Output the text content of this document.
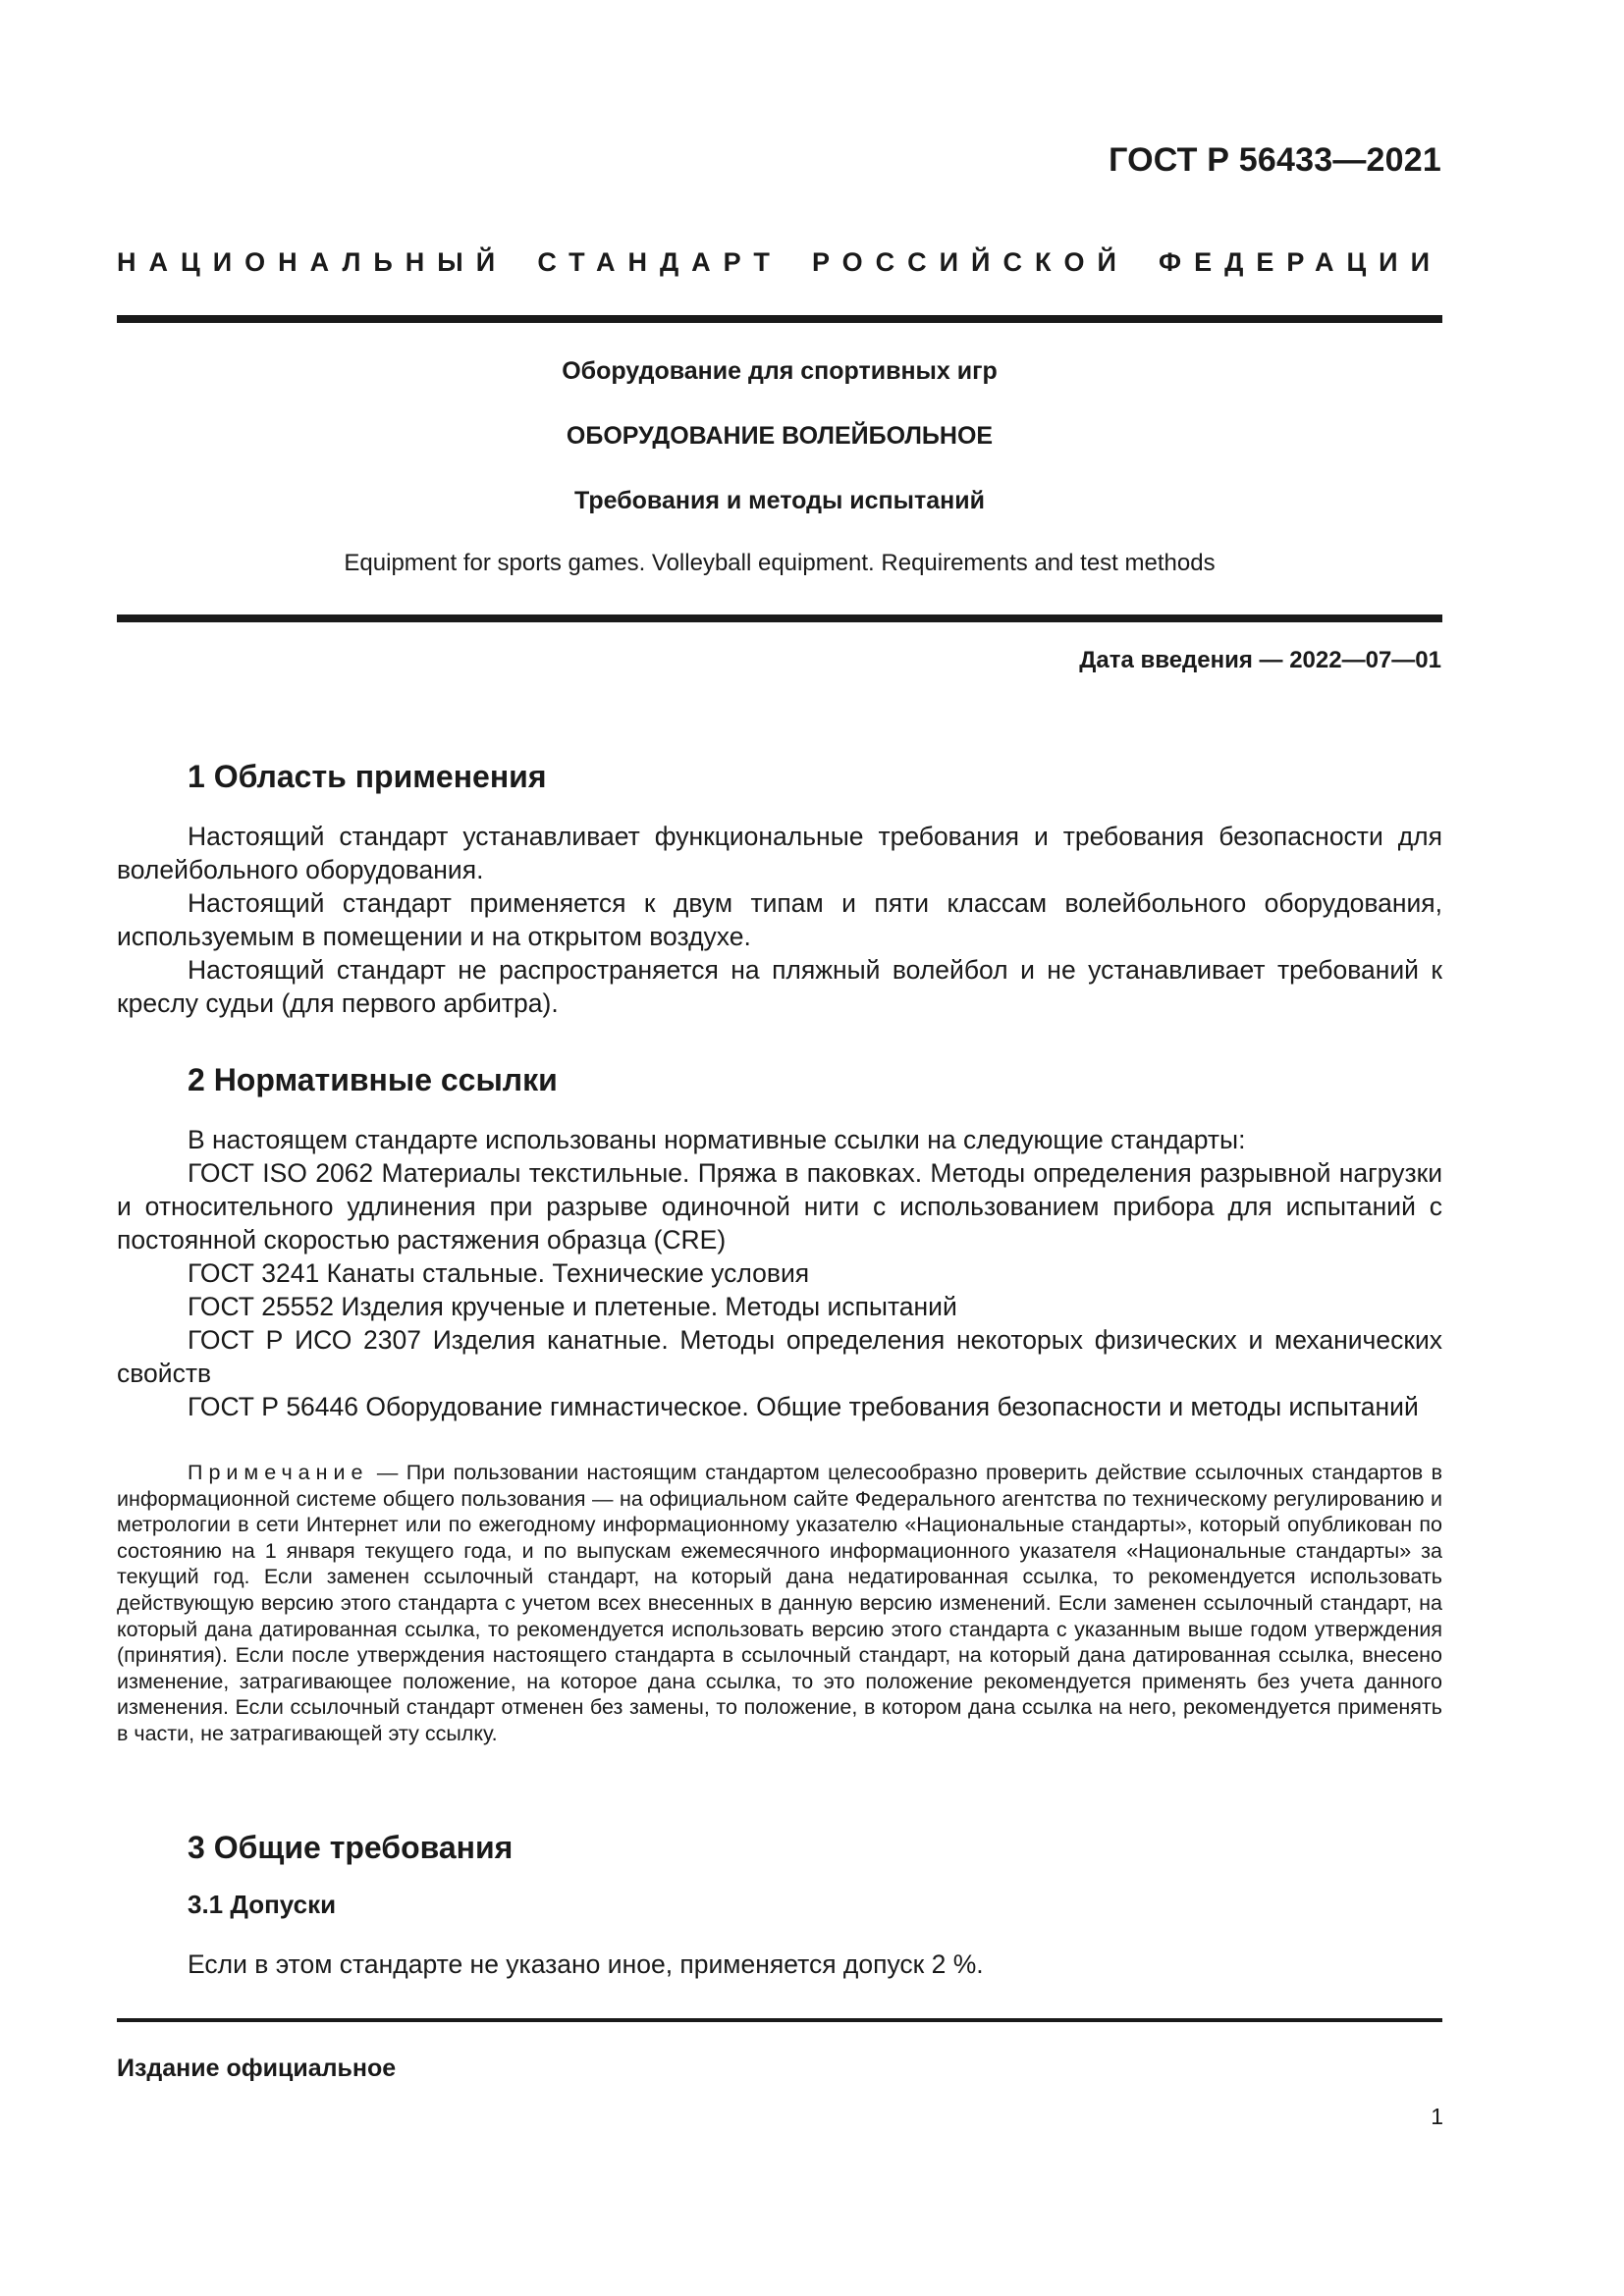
ГОСТ Р 56433—2021
НАЦИОНАЛЬНЫЙ СТАНДАРТ РОССИЙСКОЙ ФЕДЕРАЦИИ
Оборудование для спортивных игр
ОБОРУДОВАНИЕ ВОЛЕЙБОЛЬНОЕ
Требования и методы испытаний
Equipment for sports games. Volleyball equipment. Requirements and test methods
Дата введения — 2022—07—01
1 Область применения

Настоящий стандарт устанавливает функциональные требования и требования безопасности для волейбольного оборудования.

Настоящий стандарт применяется к двум типам и пяти классам волейбольного оборудования, используемым в помещении и на открытом воздухе.

Настоящий стандарт не распространяется на пляжный волейбол и не устанавливает требований к креслу судьи (для первого арбитра).

2 Нормативные ссылки

В настоящем стандарте использованы нормативные ссылки на следующие стандарты:

ГОСТ ISO 2062 Материалы текстильные. Пряжа в паковках. Методы определения разрывной нагрузки и относительного удлинения при разрыве одиночной нити с использованием прибора для испытаний с постоянной скоростью растяжения образца (CRE)

ГОСТ 3241 Канаты стальные. Технические условия

ГОСТ 25552 Изделия крученые и плетеные. Методы испытаний

ГОСТ Р ИСО 2307 Изделия канатные. Методы определения некоторых физических и механических свойств

ГОСТ Р 56446 Оборудование гимнастическое. Общие требования безопасности и методы испытаний

Примечание — При пользовании настоящим стандартом целесообразно проверить действие ссылочных стандартов в информационной системе общего пользования — на официальном сайте Федерального агентства по техническому регулированию и метрологии в сети Интернет или по ежегодному информационному указателю «Национальные стандарты», который опубликован по состоянию на 1 января текущего года, и по выпускам ежемесячного информационного указателя «Национальные стандарты» за текущий год. Если заменен ссылочный стандарт, на который дана недатированная ссылка, то рекомендуется использовать действующую версию этого стандарта с учетом всех внесенных в данную версию изменений. Если заменен ссылочный стандарт, на который дана датированная ссылка, то рекомендуется использовать версию этого стандарта с указанным выше годом утверждения (принятия). Если после утверждения настоящего стандарта в ссылочный стандарт, на который дана датированная ссылка, внесено изменение, затрагивающее положение, на которое дана ссылка, то это положение рекомендуется применять без учета данного изменения. Если ссылочный стандарт отменен без замены, то положение, в котором дана ссылка на него, рекомендуется применять в части, не затрагивающей эту ссылку.
3 Общие требования
3.1 Допуски

Если в этом стандарте не указано иное, применяется допуск 2 %.

Издание официальное
1
